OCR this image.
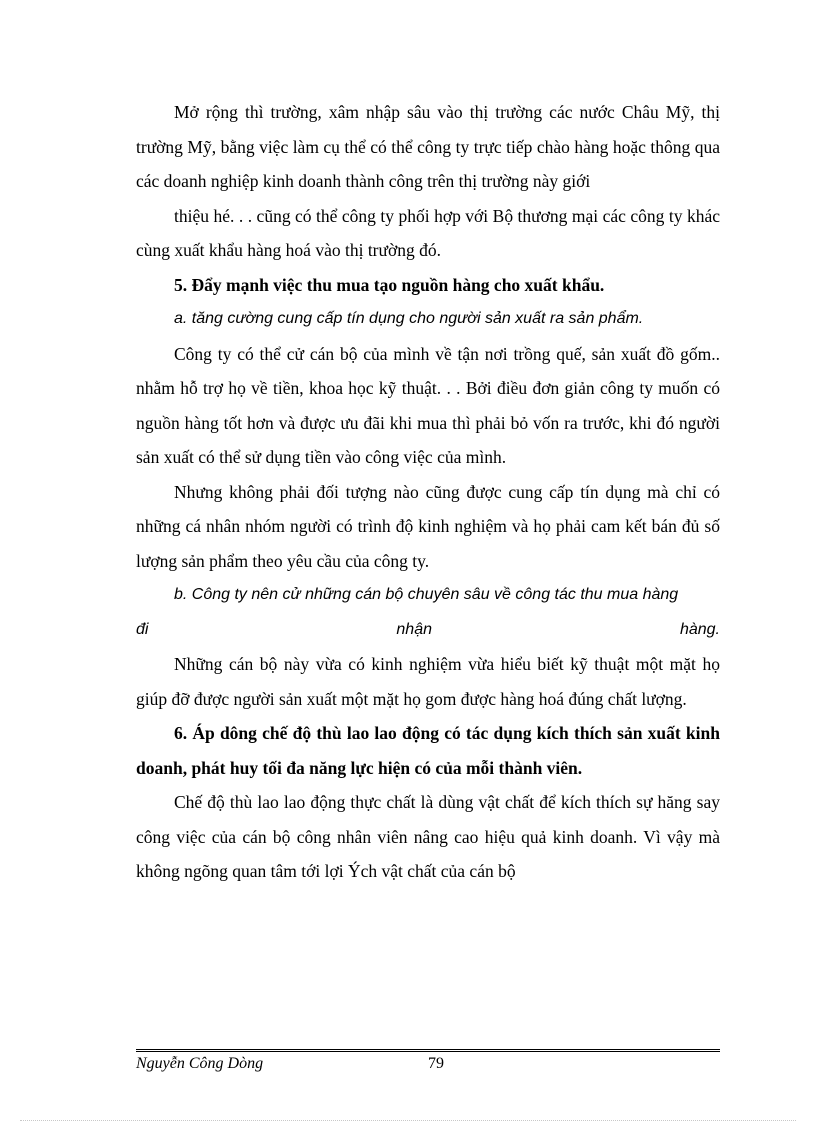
Mở rộng thì trường, xâm nhập sâu vào thị trường các nước Châu Mỹ, thị trường Mỹ, bằng việc làm cụ thể có thể công ty trực tiếp chào hàng hoặc thông qua các doanh nghiệp kinh doanh thành công trên thị trường này giới

thiệu hé. . . cũng có thể công ty phối hợp với Bộ thương mại các công ty khác cùng xuất khẩu hàng hoá vào thị trường đó.

5. Đẩy mạnh việc thu mua tạo nguồn hàng cho xuất khẩu.

a. tăng cường cung cấp tín dụng cho người sản xuất ra sản phẩm.

Công ty có thể cử cán bộ của mình về tận nơi trồng quế, sản xuất đồ gốm.. nhằm hỗ trợ họ về tiền, khoa học kỹ thuật. . . Bởi điều đơn giản công ty muốn có nguồn hàng tốt hơn và được ưu đãi khi mua thì phải bỏ vốn ra trước, khi đó người sản xuất có thể sử dụng tiền vào công việc của mình.

Nhưng không phải đối tượng nào cũng được cung cấp tín dụng mà chỉ có những cá nhân nhóm người có trình độ kinh nghiệm và họ phải cam kết bán đủ số lượng sản phẩm theo yêu cầu của công ty.

b. Công ty nên cử những cán bộ chuyên sâu về công tác thu mua hàng

đi nhận hàng.

Những cán bộ này vừa có kinh nghiệm vừa hiểu biết kỹ thuật một mặt họ giúp đỡ được người sản xuất một mặt họ gom được hàng hoá đúng chất lượng.

6. Áp dông chế độ thù lao lao động có tác dụng kích thích sản xuất kinh doanh, phát huy tối đa năng lực hiện có của mỗi thành viên.

Chế độ thù lao lao động thực chất là dùng vật chất để kích thích sự hăng say công việc của cán bộ công nhân viên nâng cao hiệu quả kinh doanh. Vì vậy mà không ngõng quan tâm tới lợi Ých vật chất của cán bộ

Nguyễn Công Dòng	79
